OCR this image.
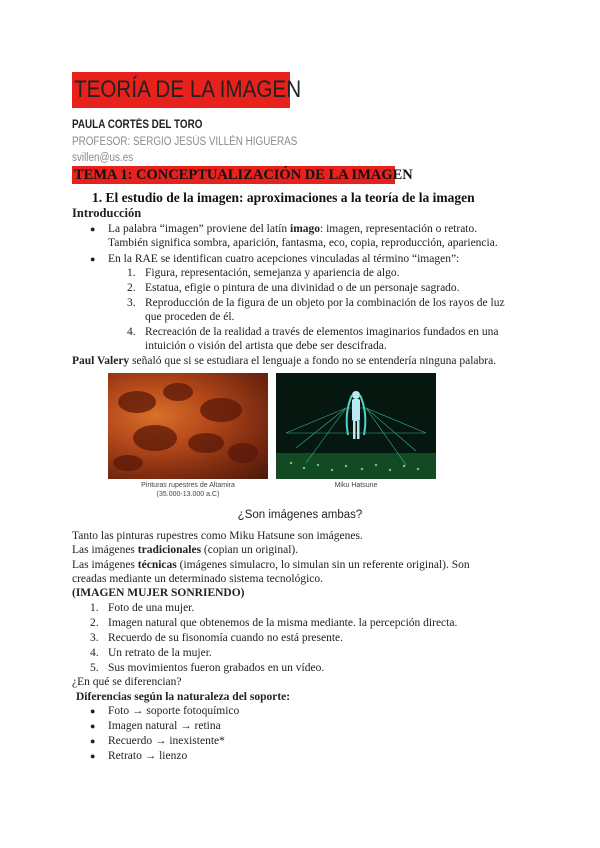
TEORÍA DE LA IMAGEN
PAULA CORTÉS DEL TORO
PROFESOR: SERGIO JESÚS VILLÉN HIGUERAS
svillen@us.es
TEMA 1: CONCEPTUALIZACIÓN DE LA IMAGEN
1. El estudio de la imagen: aproximaciones a la teoría de la imagen
Introducción
● La palabra “imagen” proviene del latín imago: imagen, representación o retrato.
También significa sombra, aparición, fantasma, eco, copia, reproducción, apariencia.
● En la RAE se identifican cuatro acepciones vinculadas al término “imagen”:
1. Figura, representación, semejanza y apariencia de algo.
2. Estatua, efigie o pintura de una divinidad o de un personaje sagrado.
3. Reproducción de la figura de un objeto por la combinación de los rayos de luz
que proceden de él.
4. Recreación de la realidad a través de elementos imaginarios fundados en una
intuición o visión del artista que debe ser descifrada.
Paul Valery señaló que si se estudiara el lenguaje a fondo no se entendería ninguna palabra.
Pinturas rupestres de Altamira
(35.000-13.000 a.C)
Miku Hatsune
¿Son imágenes ambas?
Tanto las pinturas rupestres como Miku Hatsune son imágenes.
Las imágenes tradicionales (copian un original).
Las imágenes técnicas (imágenes simulacro, lo simulan sin un referente original). Son
creadas mediante un determinado sistema tecnológico.
(IMAGEN MUJER SONRIENDO)
1. Foto de una mujer.
2. Imagen natural que obtenemos de la misma mediante. la percepción directa.
3. Recuerdo de su fisonomía cuando no está presente.
4. Un retrato de la mujer.
5. Sus movimientos fueron grabados en un vídeo.
¿En qué se diferencian?
Diferencias según la naturaleza del soporte:
● Foto → soporte fotoquímico
● Imagen natural → retina
● Recuerdo → inexistente*
● Retrato → lienzo
